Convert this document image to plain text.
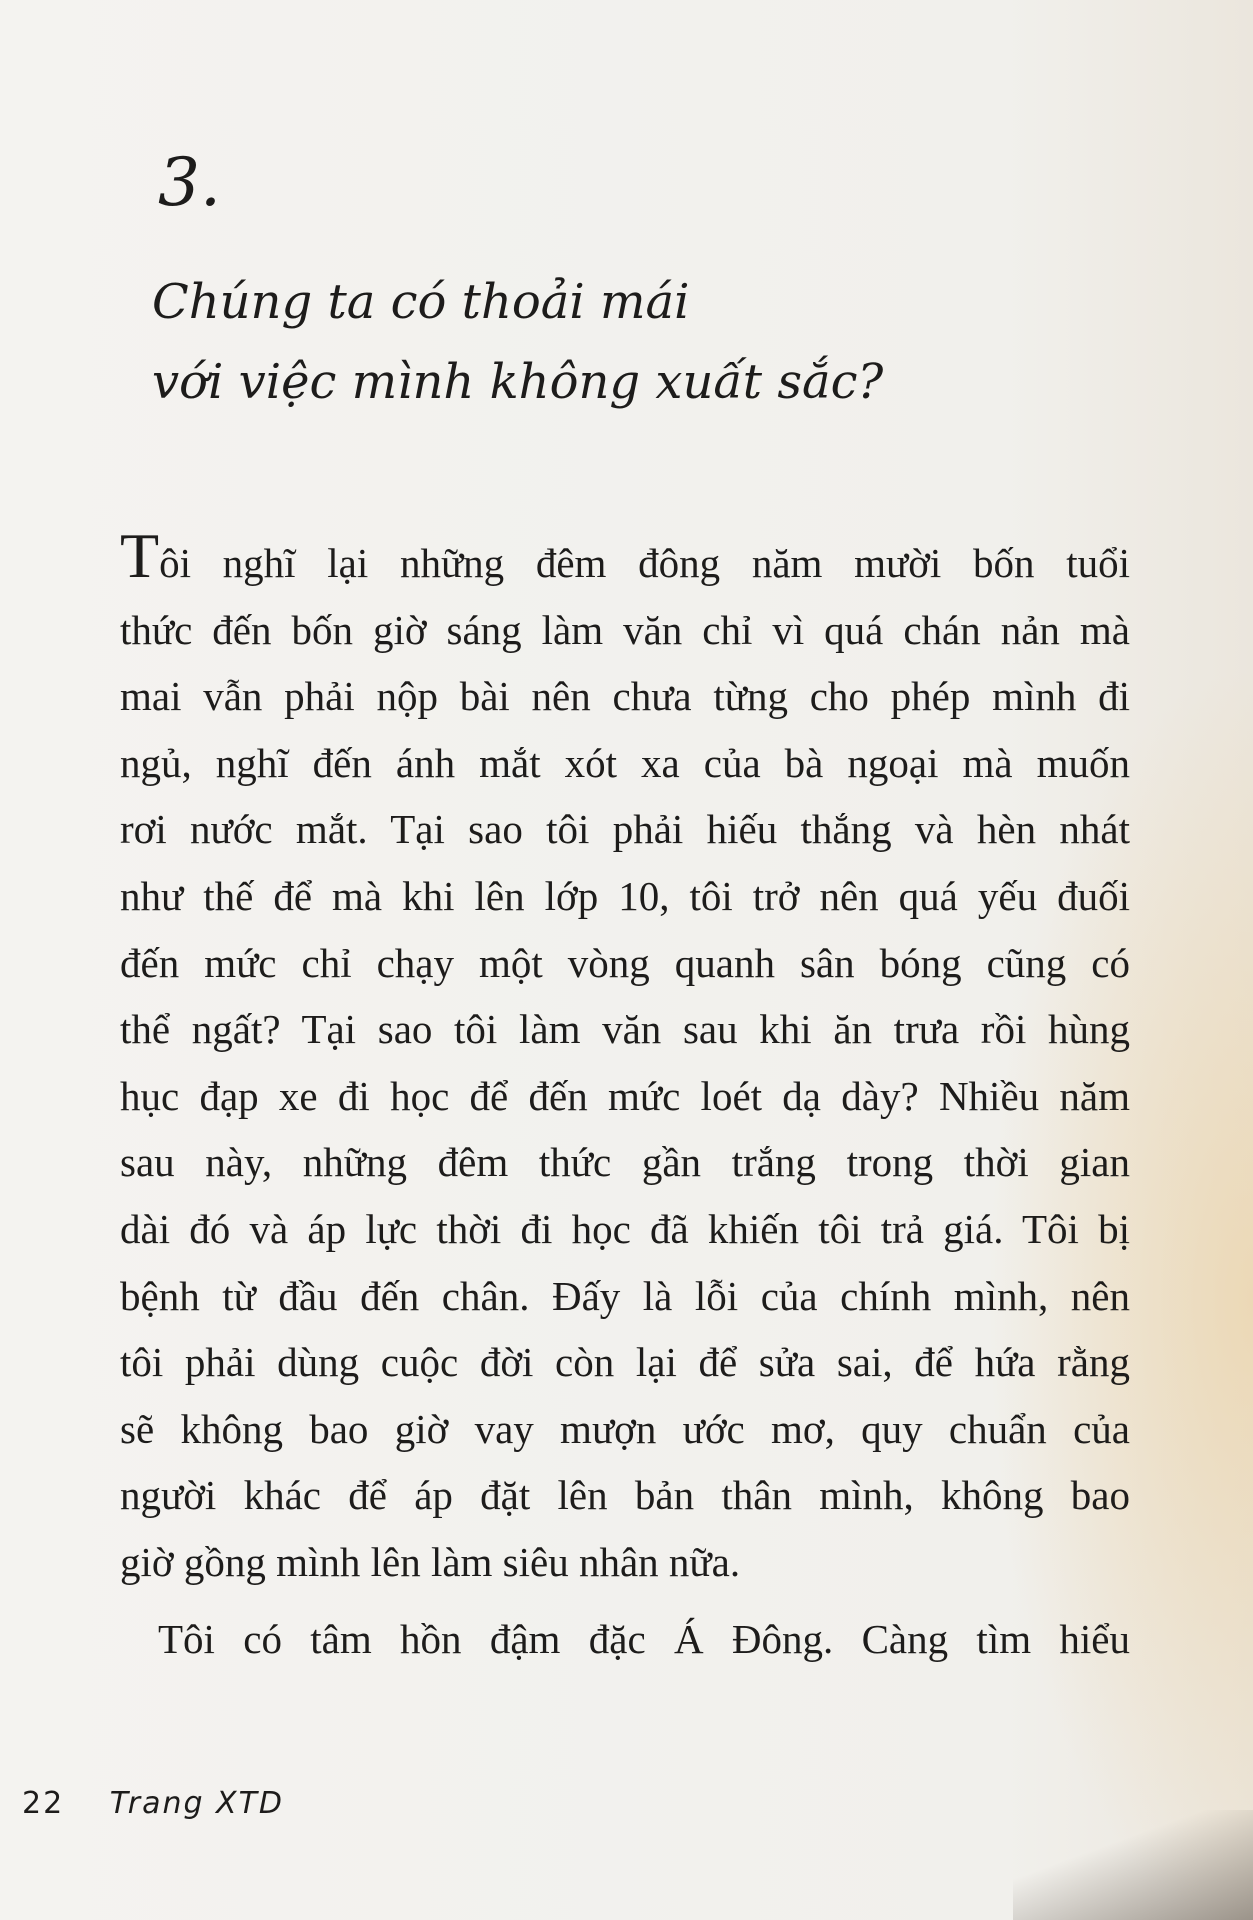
3.
Chúng ta có thoải mái
với việc mình không xuất sắc?
Tôi nghĩ lại những đêm đông năm mười bốn tuổi
thức đến bốn giờ sáng làm văn chỉ vì quá chán nản mà
mai vẫn phải nộp bài nên chưa từng cho phép mình đi
ngủ, nghĩ đến ánh mắt xót xa của bà ngoại mà muốn
rơi nước mắt. Tại sao tôi phải hiếu thắng và hèn nhát
như thế để mà khi lên lớp 10, tôi trở nên quá yếu đuối
đến mức chỉ chạy một vòng quanh sân bóng cũng có
thể ngất? Tại sao tôi làm văn sau khi ăn trưa rồi hùng
hục đạp xe đi học để đến mức loét dạ dày? Nhiều năm
sau này, những đêm thức gần trắng trong thời gian
dài đó và áp lực thời đi học đã khiến tôi trả giá. Tôi bị
bệnh từ đầu đến chân. Đấy là lỗi của chính mình, nên
tôi phải dùng cuộc đời còn lại để sửa sai, để hứa rằng
sẽ không bao giờ vay mượn ước mơ, quy chuẩn của
người khác để áp đặt lên bản thân mình, không bao
giờ gồng mình lên làm siêu nhân nữa.
Tôi có tâm hồn đậm đặc Á Đông. Càng tìm hiểu
22 Trang XTD
